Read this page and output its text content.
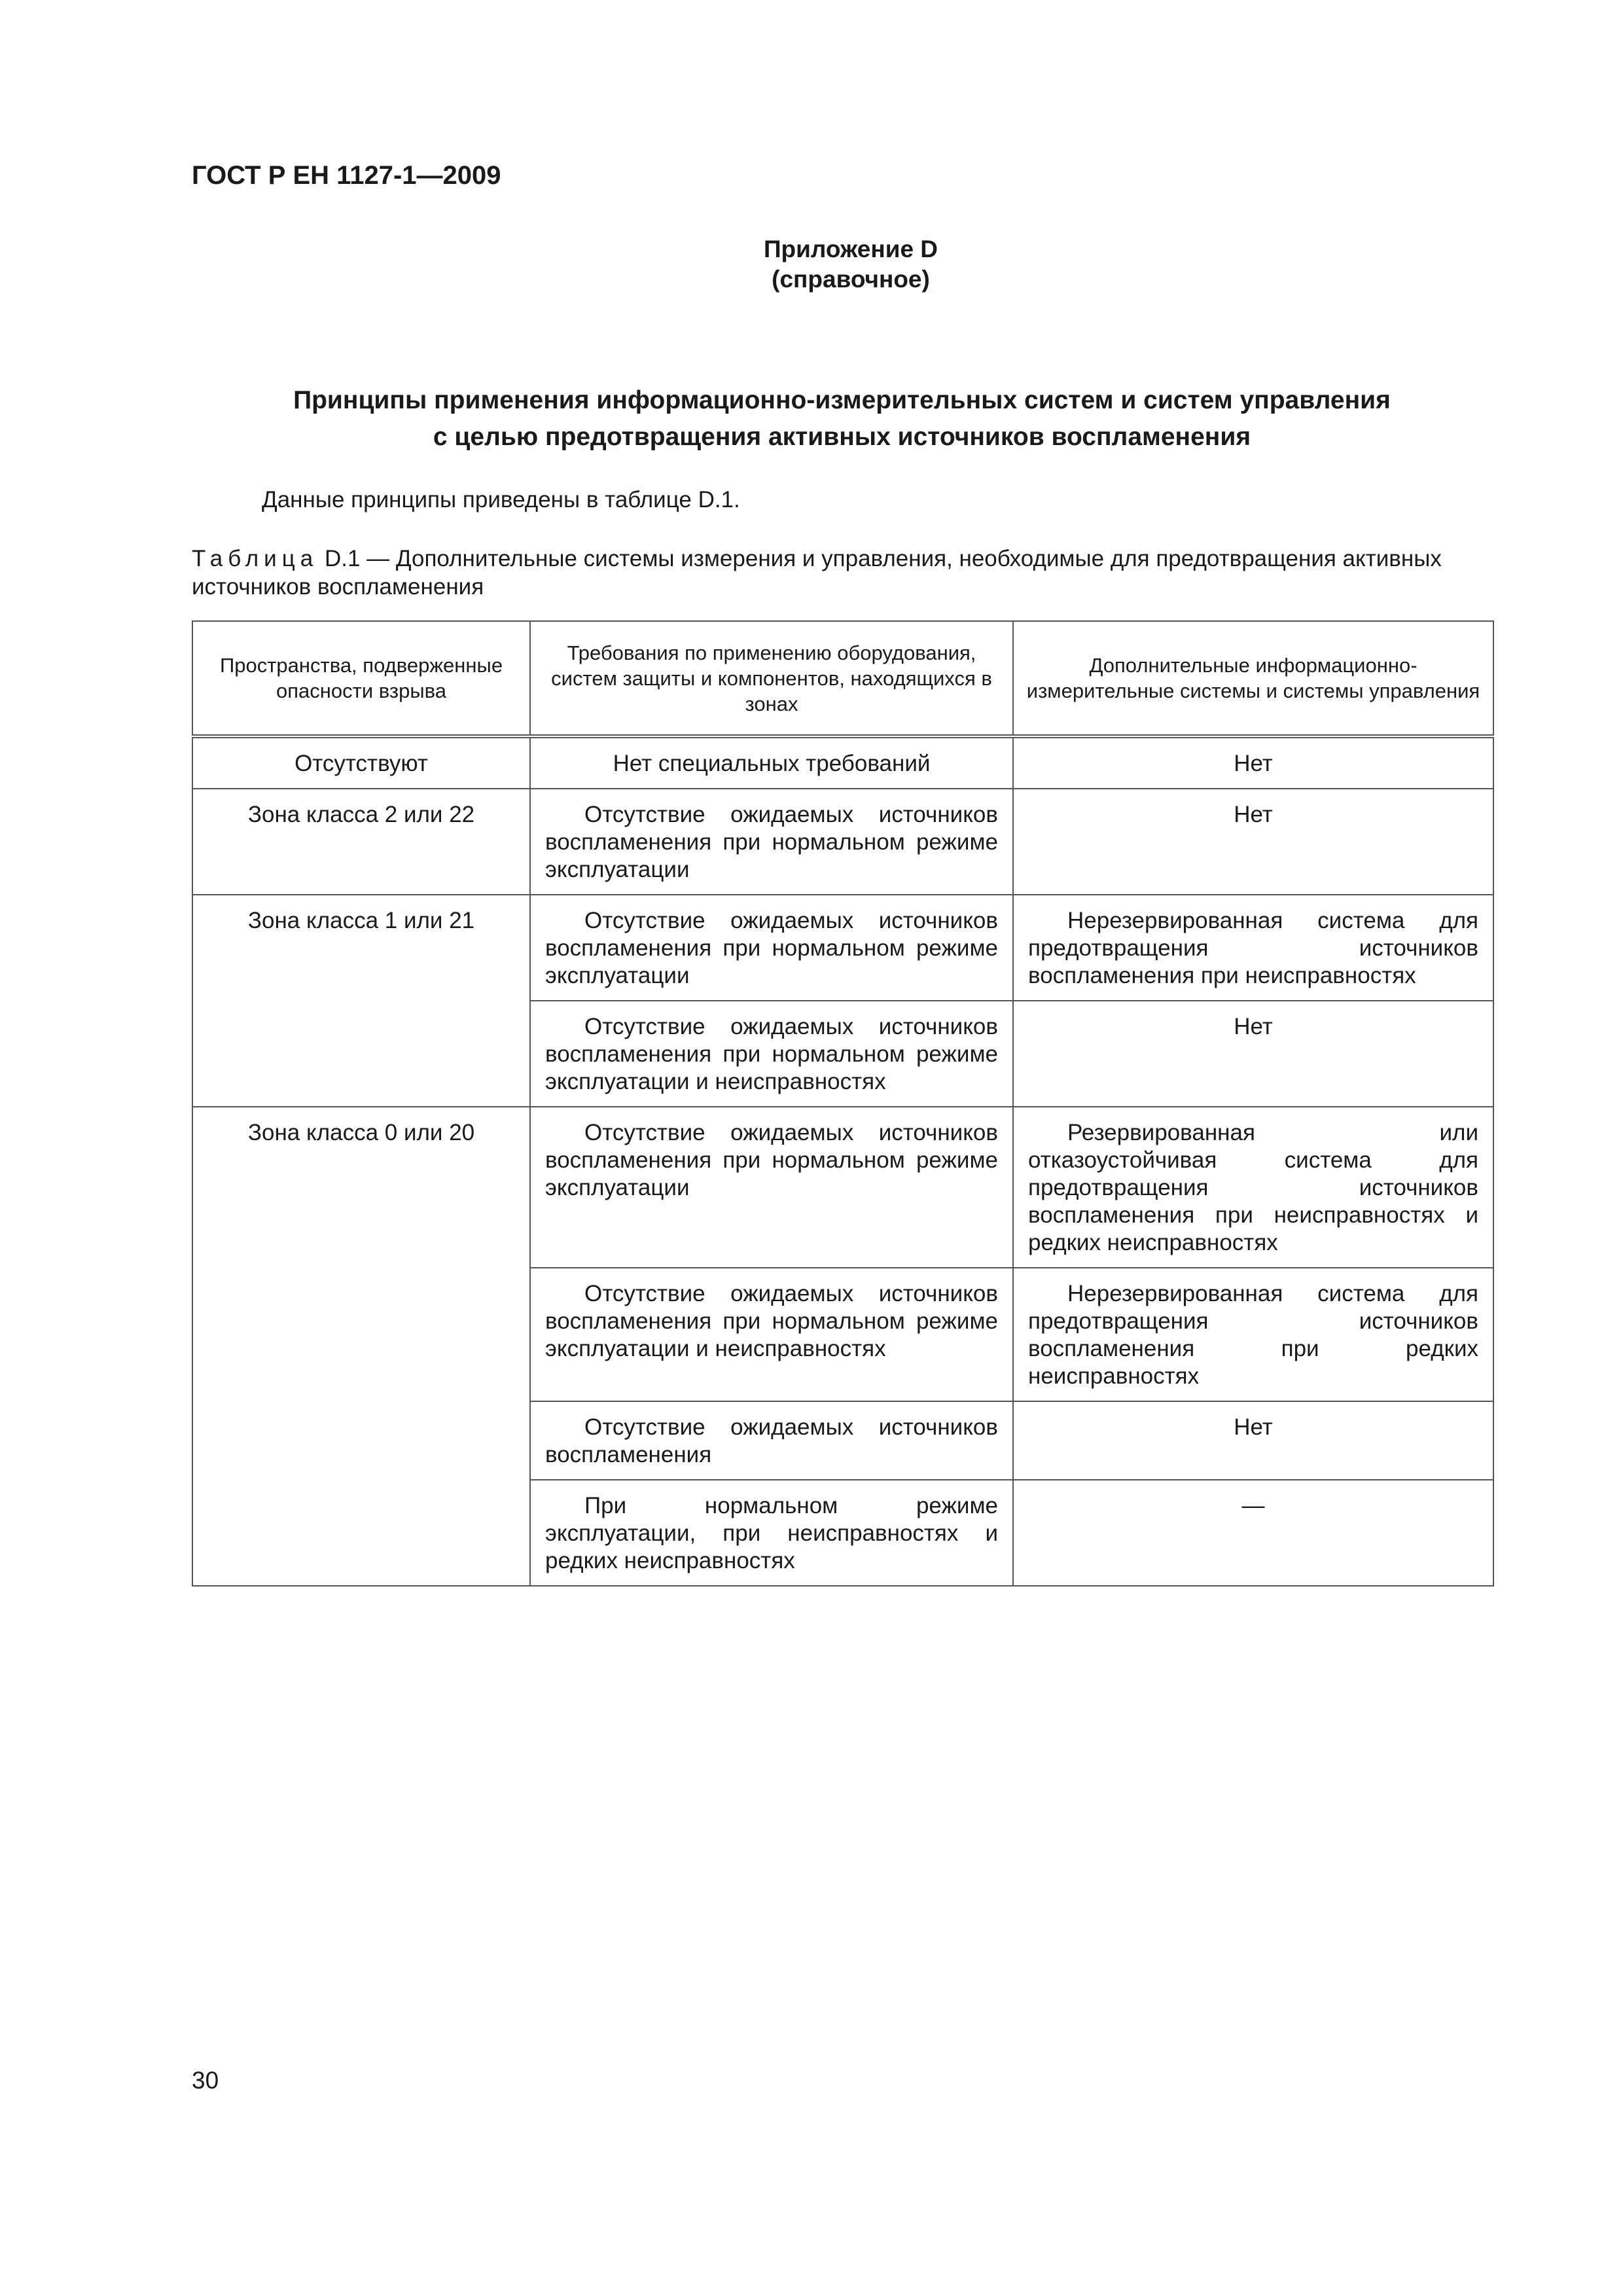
ГОСТ Р ЕН 1127-1—2009
Приложение D
(справочное)
Принципы применения информационно-измерительных систем и систем управления
с целью предотвращения активных источников воспламенения
Данные принципы приведены в таблице D.1.
Таблица D.1 — Дополнительные системы измерения и управления, необходимые для предотвращения активных источников воспламенения
Пространства, подверженные опасности взрыва	Требования по применению оборудования, систем защиты и компонентов, находящихся в зонах	Дополнительные информационно-измерительные системы и системы управления
Отсутствуют	Нет специальных требований	Нет
Зона класса 2 или 22	Отсутствие ожидаемых источников воспламенения при нормальном режиме эксплуатации	Нет
Зона класса 1 или 21	Отсутствие ожидаемых источников воспламенения при нормальном режиме эксплуатации	Нерезервированная система для предотвращения источников воспламенения при неисправностях
	Отсутствие ожидаемых источников воспламенения при нормальном режиме эксплуатации и неисправностях	Нет
Зона класса 0 или 20	Отсутствие ожидаемых источников воспламенения при нормальном режиме эксплуатации	Резервированная или отказоустойчивая система для предотвращения источников воспламенения при неисправностях и редких неисправностях
	Отсутствие ожидаемых источников воспламенения при нормальном режиме эксплуатации и неисправностях	Нерезервированная система для предотвращения источников воспламенения при редких неисправностях
	Отсутствие ожидаемых источников воспламенения	Нет
	При нормальном режиме эксплуатации, при неисправностях и редких неисправностях	—
30
